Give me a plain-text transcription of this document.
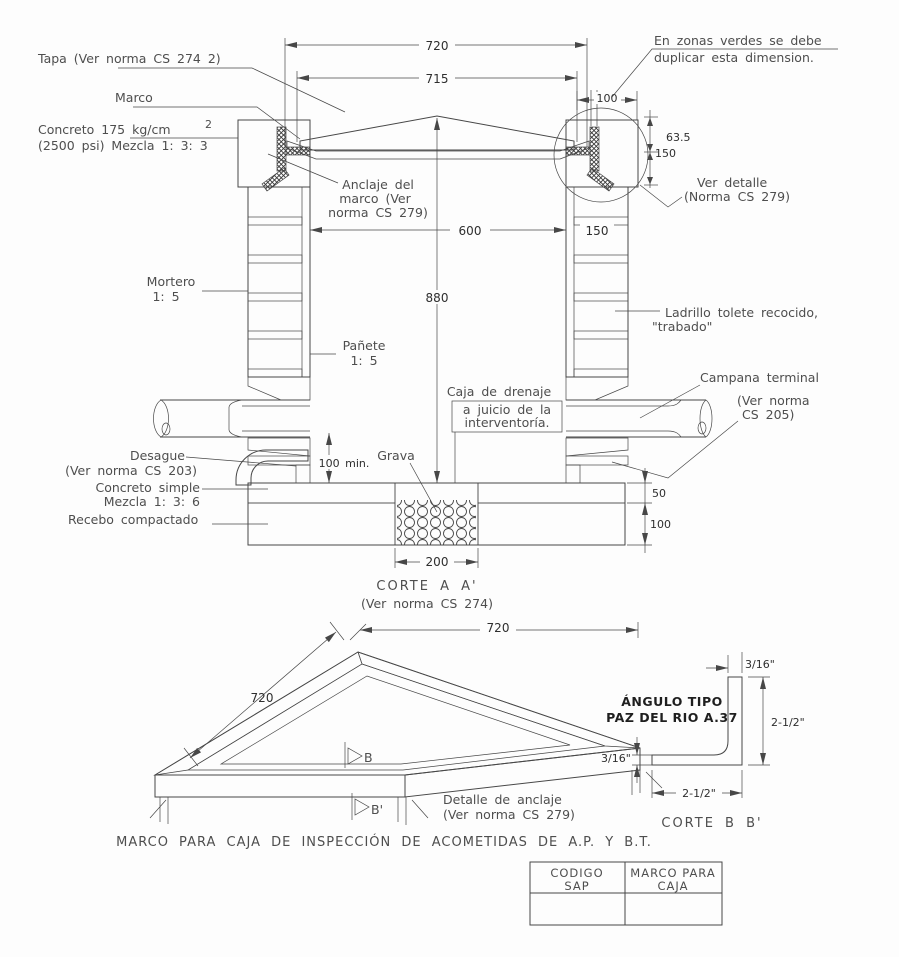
720
715
100
63.5
150
600	150
880
100 min.
200
50
100
Tapa (Ver norma CS 274 2)
Marco
Concreto 175 kg/cm	2
(2500 psi) Mezcla 1: 3: 3
Anclaje del
marco (Ver
norma CS 279)
Mortero
1: 5
Pañete
1: 5
Caja de drenaje
a juicio de la
interventoría.
Grava
Desague
(Ver norma CS 203)
Concreto simple
Mezcla 1: 3: 6
Recebo compactado
En zonas verdes se debe
duplicar esta dimension.
Ver detalle
(Norma CS 279)
Ladrillo tolete recocido,
"trabado"
Campana terminal
(Ver norma
CS 205)
CORTE A A'
(Ver norma CS 274)
720
720
B
B'
Detalle de anclaje
(Ver norma CS 279)
MARCO PARA CAJA DE INSPECCIÓN DE ACOMETIDAS DE A.P. Y B.T.
ÁNGULO TIPO
PAZ DEL RIO A.37
3/16"
2-1/2"
3/16"
2-1/2"
CORTE B B'
CODIGO
SAP
MARCO PARA
CAJA
